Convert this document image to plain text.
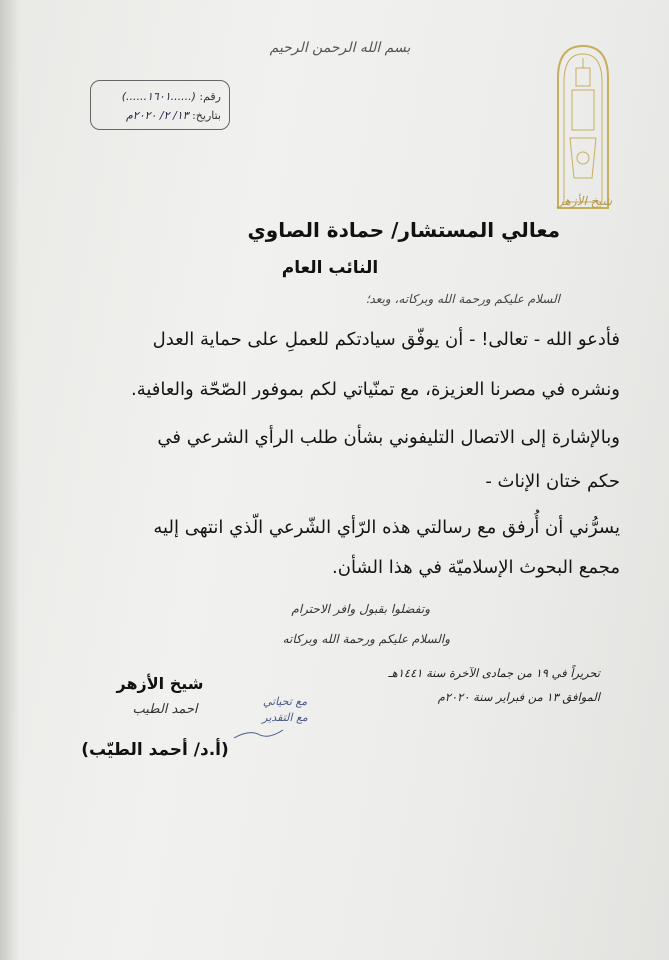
بسم الله الرحمن الرحيم
شيخ الأزهر
رقم: (......١٦٠١......)
بتاريخ: ١٣/ ٢/ ٢٠٢٠م
معالي المستشار/ حمادة الصاوي
النائب العام
السلام عليكم ورحمة الله وبركاته، وبعد؛
فأدعو الله - تعالى! - أن يوفّق سيادتكم للعملِ على حماية العدل
ونشره في مصرنا العزيزة، مع تمنّياتي لكم بموفور الصّحّة والعافية.
وبالإشارة إلى الاتصال التليفوني بشأن طلب الرأي الشرعي في
حكم ختان الإناث -
يسرُّني أن أُرفق مع رسالتي هذه الرّأي الشّرعي الّذي انتهى إليه
مجمع البحوث الإسلاميّة في هذا الشأن.
وتفضلوا بقبول وافر الاحترام
والسلام عليكم ورحمة الله وبركاته
تحريراً في ١٩ من جمادى الآخرة سنة ١٤٤١هـ
الموافق ١٣ من فبراير سنة ٢٠٢٠م
مع تحياتي
مع التقدير
شيخ الأزهر
احمد الطيب
(أ.د/ أحمد الطيّب)
